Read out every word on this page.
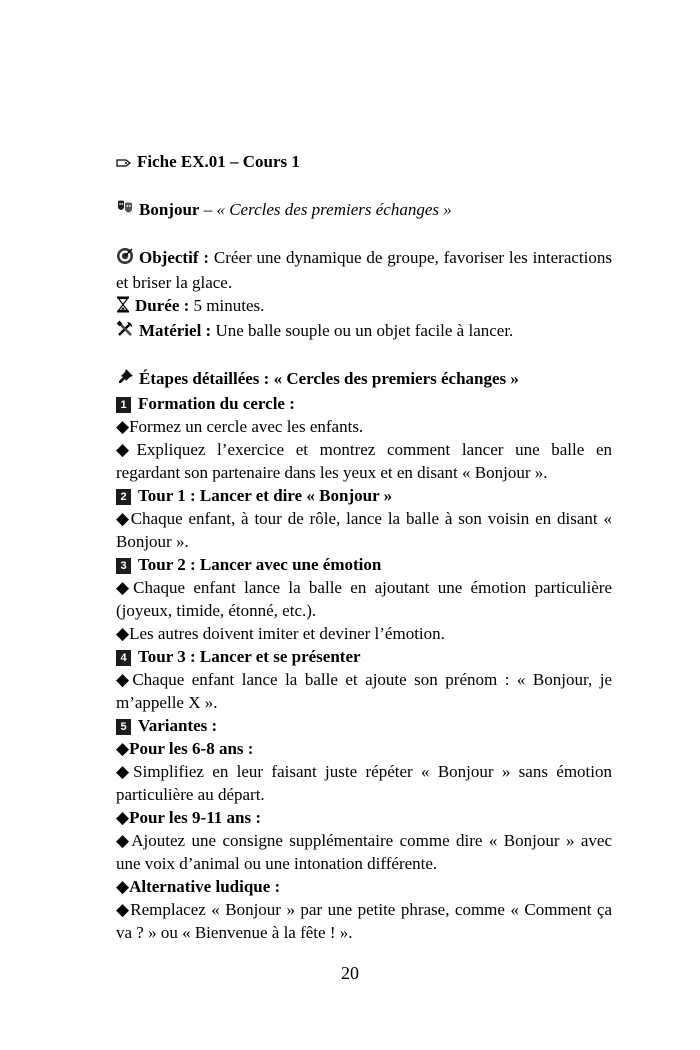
Fiche EX.01 – Cours 1

Bonjour – « Cercles des premiers échanges »

Objectif : Créer une dynamique de groupe, favoriser les interactions et briser la glace.

Durée : 5 minutes.

Matériel : Une balle souple ou un objet facile à lancer.

Étapes détaillées : « Cercles des premiers échanges »

1 Formation du cercle :

◆Formez un cercle avec les enfants.

◆Expliquez l’exercice et montrez comment lancer une balle en regardant son partenaire dans les yeux et en disant « Bonjour ».

2 Tour 1 : Lancer et dire « Bonjour »

◆Chaque enfant, à tour de rôle, lance la balle à son voisin en disant « Bonjour ».

3 Tour 2 : Lancer avec une émotion

◆Chaque enfant lance la balle en ajoutant une émotion particulière (joyeux, timide, étonné, etc.).

◆Les autres doivent imiter et deviner l’émotion.

4 Tour 3 : Lancer et se présenter

◆Chaque enfant lance la balle et ajoute son prénom : « Bonjour, je m’appelle X ».

5 Variantes :

◆Pour les 6-8 ans :

◆Simplifiez en leur faisant juste répéter « Bonjour » sans émotion particulière au départ.

◆Pour les 9-11 ans :

◆Ajoutez une consigne supplémentaire comme dire « Bonjour » avec une voix d’animal ou une intonation différente.

◆Alternative ludique :

◆Remplacez « Bonjour » par une petite phrase, comme « Comment ça va ? » ou « Bienvenue à la fête ! ».

20
